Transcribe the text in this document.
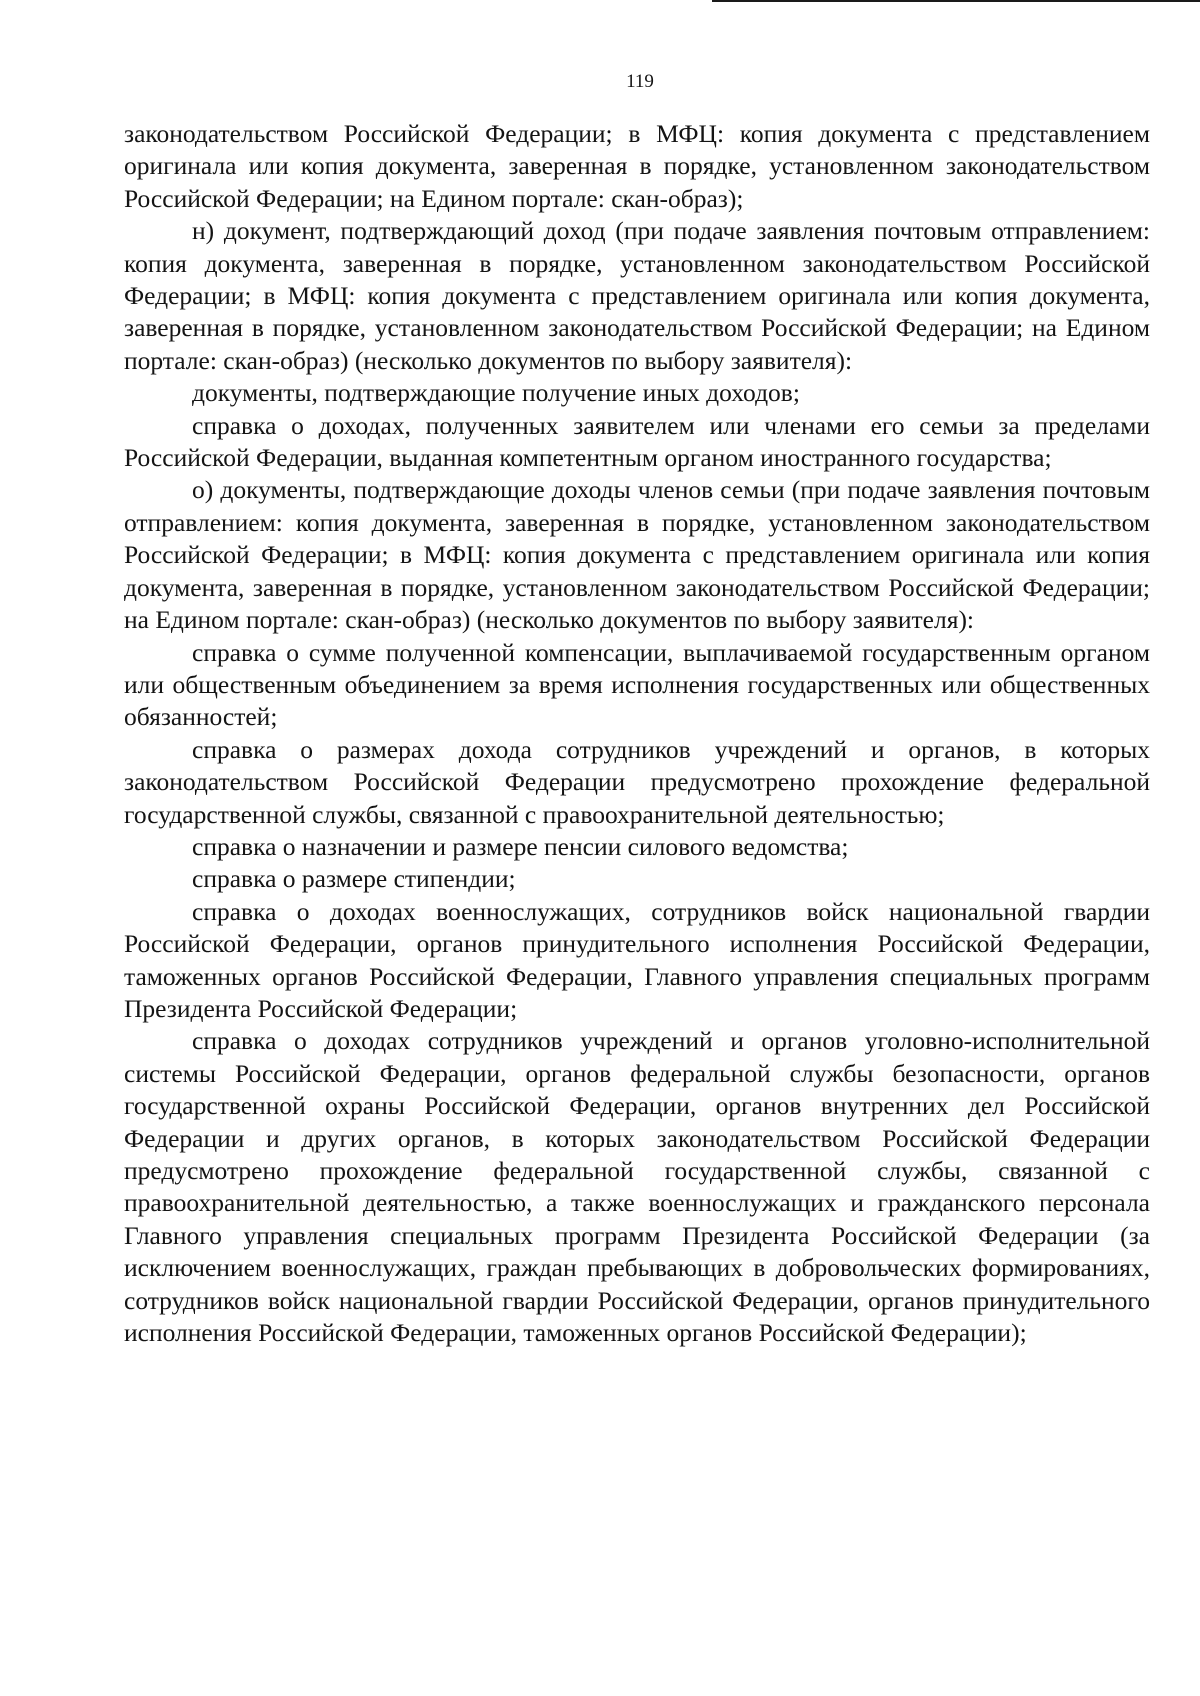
119

законодательством Российской Федерации; в МФЦ: копия документа с представлением оригинала или копия документа, заверенная в порядке, установленном законодательством Российской Федерации; на Едином портале: скан-образ);

н) документ, подтверждающий доход (при подаче заявления почтовым отправлением: копия документа, заверенная в порядке, установленном законодательством Российской Федерации; в МФЦ: копия документа с представлением оригинала или копия документа, заверенная в порядке, установленном законодательством Российской Федерации; на Едином портале: скан-образ) (несколько документов по выбору заявителя):

документы, подтверждающие получение иных доходов;

справка о доходах, полученных заявителем или членами его семьи за пределами Российской Федерации, выданная компетентным органом иностранного государства;

о) документы, подтверждающие доходы членов семьи (при подаче заявления почтовым отправлением: копия документа, заверенная в порядке, установленном законодательством Российской Федерации; в МФЦ: копия документа с представлением оригинала или копия документа, заверенная в порядке, установленном законодательством Российской Федерации; на Едином портале: скан-образ) (несколько документов по выбору заявителя):

справка о сумме полученной компенсации, выплачиваемой государственным органом или общественным объединением за время исполнения государственных или общественных обязанностей;

справка о размерах дохода сотрудников учреждений и органов, в которых законодательством Российской Федерации предусмотрено прохождение федеральной государственной службы, связанной с правоохранительной деятельностью;

справка о назначении и размере пенсии силового ведомства;

справка о размере стипендии;

справка о доходах военнослужащих, сотрудников войск национальной гвардии Российской Федерации, органов принудительного исполнения Российской Федерации, таможенных органов Российской Федерации, Главного управления специальных программ Президента Российской Федерации;

справка о доходах сотрудников учреждений и органов уголовно-исполнительной системы Российской Федерации, органов федеральной службы безопасности, органов государственной охраны Российской Федерации, органов внутренних дел Российской Федерации и других органов, в которых законодательством Российской Федерации предусмотрено прохождение федеральной государственной службы, связанной с правоохранительной деятельностью, а также военнослужащих и гражданского персонала Главного управления специальных программ Президента Российской Федерации (за исключением военнослужащих, граждан пребывающих в добровольческих формированиях, сотрудников войск национальной гвардии Российской Федерации, органов принудительного исполнения Российской Федерации, таможенных органов Российской Федерации);
